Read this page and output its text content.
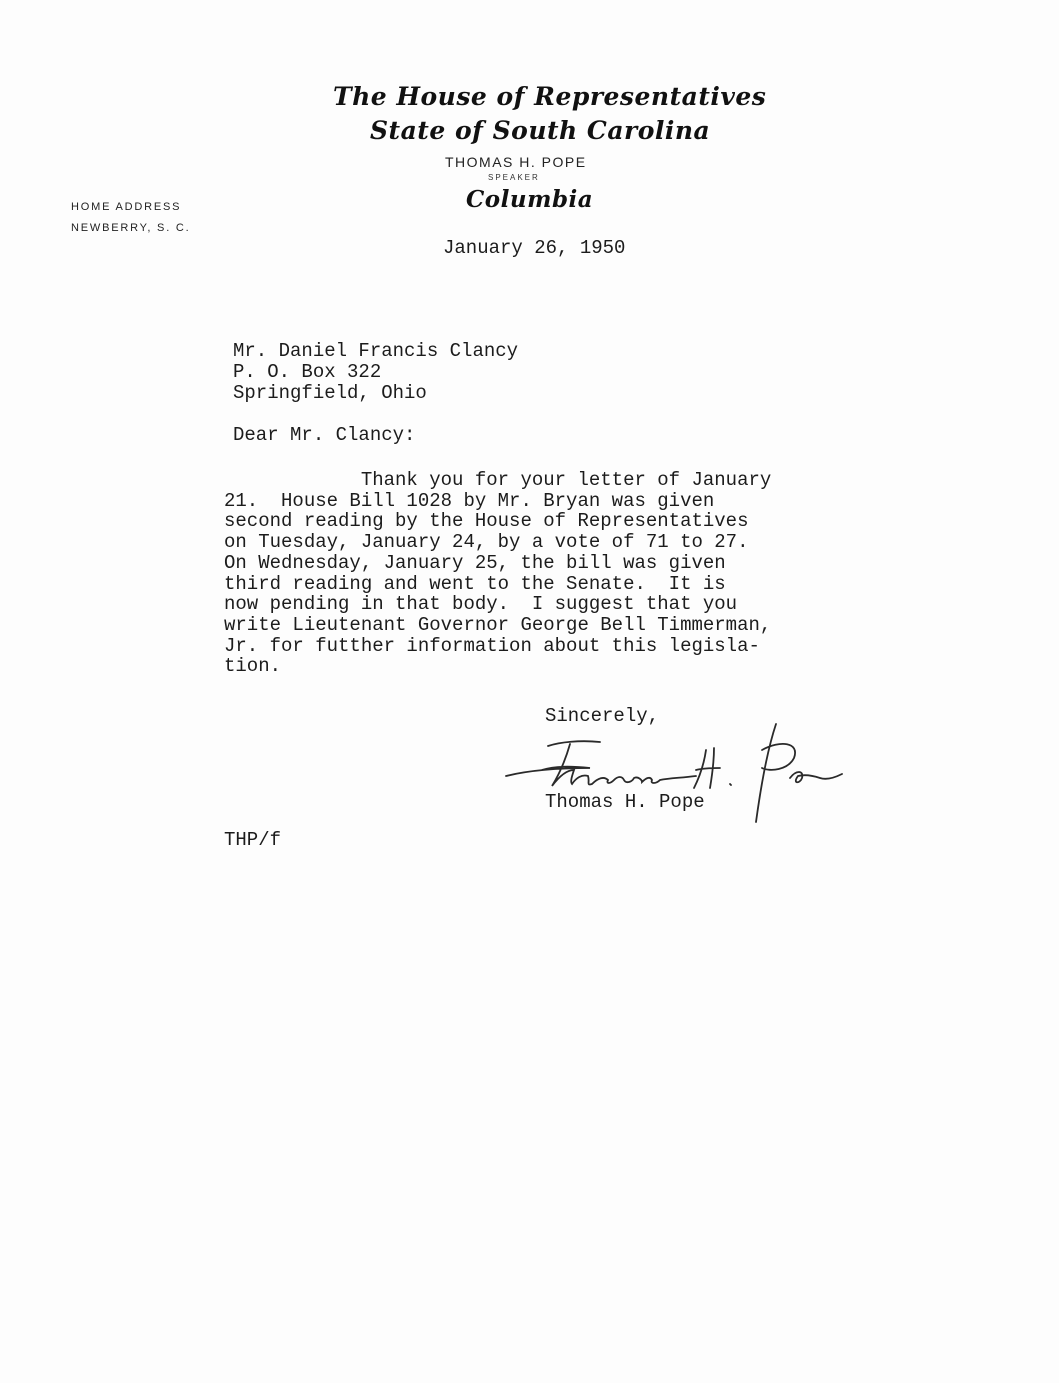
The House of Representatives
State of South Carolina
THOMAS H. POPE
SPEAKER
Columbia
HOME ADDRESS
NEWBERRY, S. C.
January 26, 1950
Mr. Daniel Francis Clancy
P. O. Box 322
Springfield, Ohio
Dear Mr. Clancy:
Thank you for your letter of January
21.  House Bill 1028 by Mr. Bryan was given
second reading by the House of Representatives
on Tuesday, January 24, by a vote of 71 to 27.
On Wednesday, January 25, the bill was given
third reading and went to the Senate.  It is
now pending in that body.  I suggest that you
write Lieutenant Governor George Bell Timmerman,
Jr. for futther information about this legisla-
tion.
Sincerely,
Thomas H. Pope
THP/f
